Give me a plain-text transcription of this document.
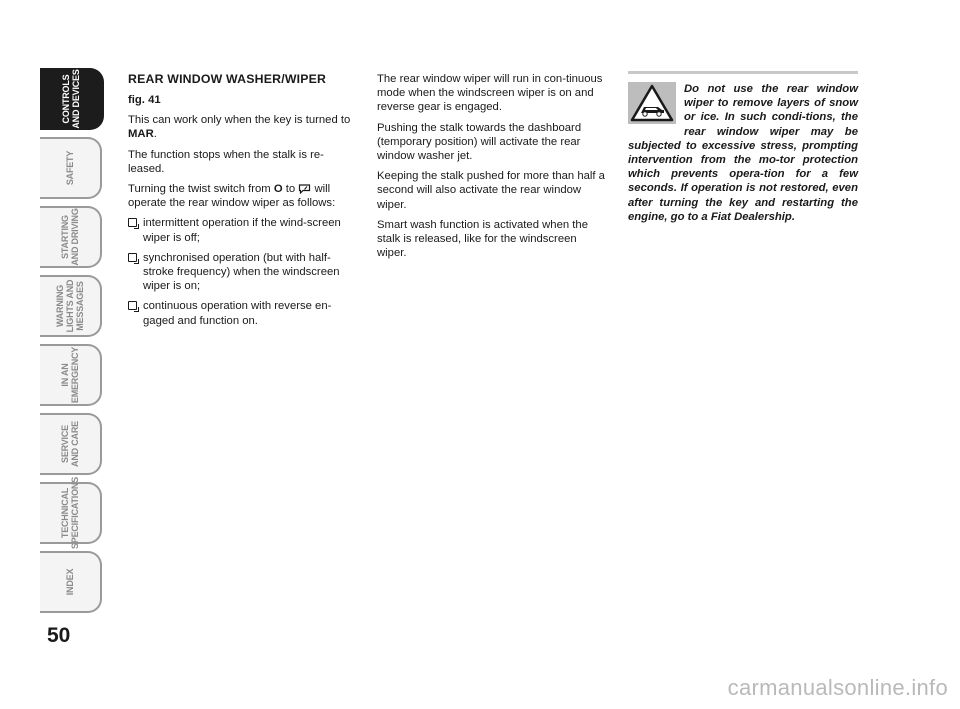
CONTROLS
AND DEVICES
SAFETY
STARTING
AND DRIVING
WARNING
LIGHTS AND
MESSAGES
IN AN
EMERGENCY
SERVICE
AND CARE
TECHNICAL
SPECIFICATIONS
INDEX
50

REAR WINDOW WASHER/WIPER

fig. 41

This can work only when the key is turned to MAR.

The function stops when the stalk is re-leased.

Turning the twist switch from O to  will operate the rear window wiper as follows:

intermittent operation if the wind-screen wiper is off;
synchronised operation (but with half-stroke frequency) when the windscreen wiper is on;
continuous operation with reverse en-gaged and function on.

The rear window wiper will run in con-tinuous mode when the windscreen wiper is on and reverse gear is engaged.

Pushing the stalk towards the dashboard (temporary position) will activate the rear window washer jet.

Keeping the stalk pushed for more than half a second will also activate the rear window wiper.

Smart wash function is activated when the stalk is released, like for the windscreen wiper.

Do not use the rear window wiper to remove layers of snow or ice. In such condi-tions, the rear window wiper may be subjected to excessive stress, prompting intervention from the mo-tor protection which prevents opera-tion for a few seconds. If operation is not restored, even after turning the key and restarting the engine, go to a Fiat Dealership.

carmanualsonline.info
